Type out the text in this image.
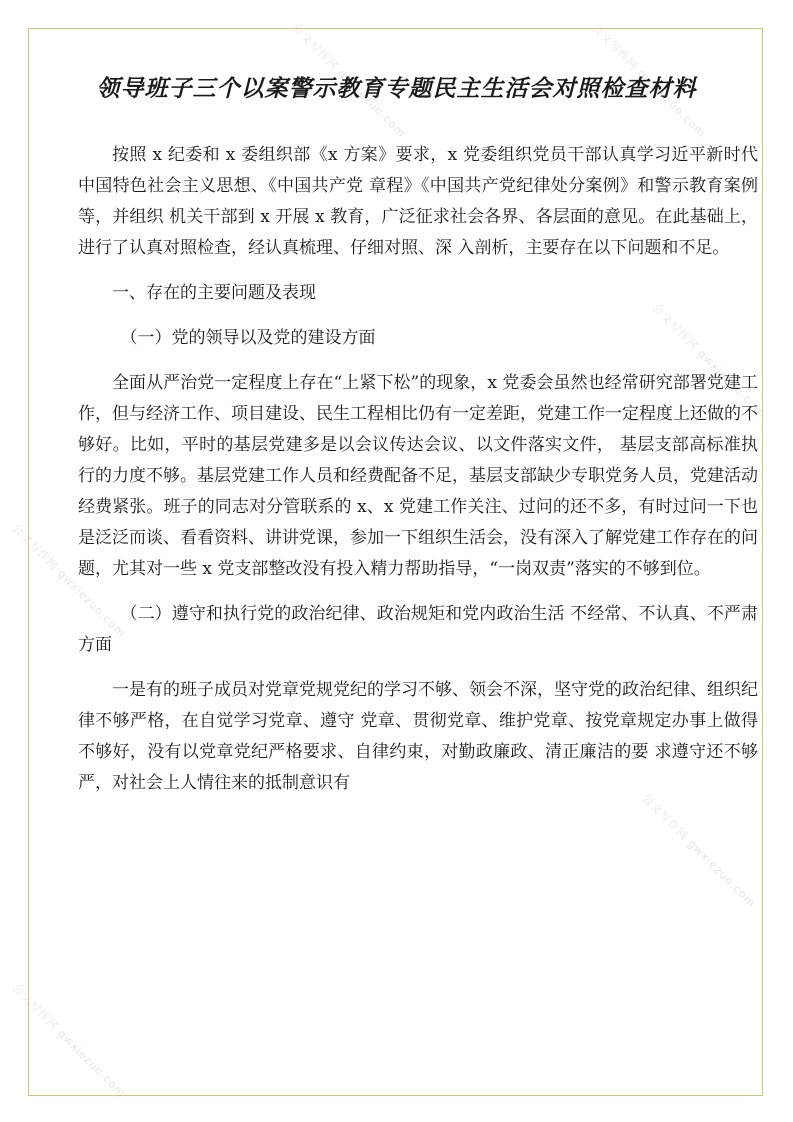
公文写作网 gwxiezuo.com	公文写作网 gwxiezuo.com
公文写作网 gwxiezuo.com
公文写作网 gwxiezuo.com
公文写作网 gwxiezuo.com
公文写作网 gwxiezuo.com
领导班子三个以案警示教育专题民主生活会对照检查材料

按照 x 纪委和 x 委组织部《x 方案》要求，x 党委组织党员干部认真学习近平新时代中国特色社会主义思想、《中国共产党 章程》《中国共产党纪律处分案例》和警示教育案例等，并组织 机关干部到 x 开展 x 教育，广泛征求社会各界、各层面的意见。在此基础上，进行了认真对照检查，经认真梳理、仔细对照、深 入剖析，主要存在以下问题和不足。

一、存在的主要问题及表现

（一）党的领导以及党的建设方面

全面从严治党一定程度上存在“上紧下松”的现象，x 党委会虽然也经常研究部署党建工作，但与经济工作、项目建设、民生工程相比仍有一定差距，党建工作一定程度上还做的不够好。比如，平时的基层党建多是以会议传达会议、以文件落实文件， 基层支部高标准执行的力度不够。基层党建工作人员和经费配备不足，基层支部缺少专职党务人员，党建活动经费紧张。班子的同志对分管联系的 x、x 党建工作关注、过问的还不多，有时过问一下也是泛泛而谈、看看资料、讲讲党课，参加一下组织生活会，没有深入了解党建工作存在的问题，尤其对一些 x 党支部整改没有投入精力帮助指导，“一岗双责”落实的不够到位。

（二）遵守和执行党的政治纪律、政治规矩和党内政治生活 不经常、不认真、不严肃方面

一是有的班子成员对党章党规党纪的学习不够、领会不深，坚守党的政治纪律、组织纪律不够严格，在自觉学习党章、遵守 党章、贯彻党章、维护党章、按党章规定办事上做得不够好，没有以党章党纪严格要求、自律约束，对勤政廉政、清正廉洁的要 求遵守还不够严，对社会上人情往来的抵制意识有
